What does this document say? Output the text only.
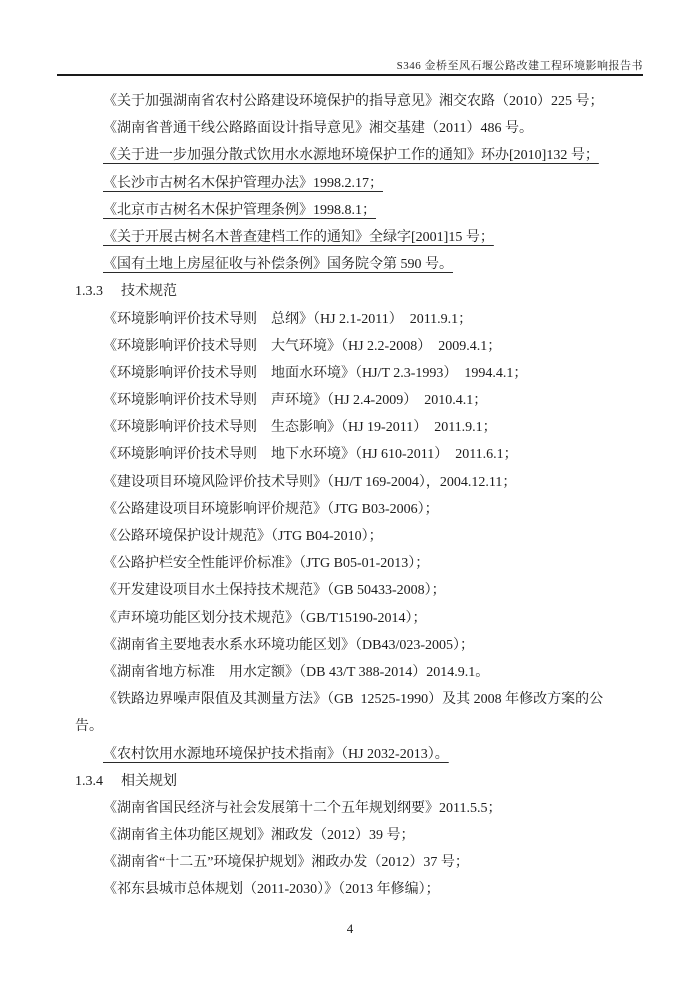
S346 金桥至风石堰公路改建工程环境影响报告书
《关于加强湖南省农村公路建设环境保护的指导意见》湘交农路（2010）225 号；
《湖南省普通干线公路路面设计指导意见》湘交基建（2011）486 号。
《关于进一步加强分散式饮用水水源地环境保护工作的通知》环办[2010]132 号；
《长沙市古树名木保护管理办法》1998.2.17；
《北京市古树名木保护管理条例》1998.8.1；
《关于开展古树名木普查建档工作的通知》全绿字[2001]15 号；
《国有土地上房屋征收与补偿条例》国务院令第 590 号。
1.3.3 技术规范
《环境影响评价技术导则　总纲》（HJ 2.1-2011）　2011.9.1；
《环境影响评价技术导则　大气环境》（HJ 2.2-2008）　2009.4.1；
《环境影响评价技术导则　地面水环境》（HJ/T 2.3-1993）　1994.4.1；
《环境影响评价技术导则　声环境》（HJ 2.4-2009）　2010.4.1；
《环境影响评价技术导则　生态影响》（HJ 19-2011）　2011.9.1；
《环境影响评价技术导则　地下水环境》（HJ 610-2011）　2011.6.1；
《建设项目环境风险评价技术导则》（HJ/T 169-2004），2004.12.11；
《公路建设项目环境影响评价规范》（JTG B03-2006）；
《公路环境保护设计规范》（JTG B04-2010）；
《公路护栏安全性能评价标准》（JTG B05-01-2013）；
《开发建设项目水土保持技术规范》（GB 50433-2008）；
《声环境功能区划分技术规范》（GB/T15190-2014）；
《湖南省主要地表水系水环境功能区划》（DB43/023-2005）；
《湖南省地方标准　用水定额》（DB 43/T 388-2014）2014.9.1。
《铁路边界噪声限值及其测量方法》（GB  12525-1990）及其 2008 年修改方案的公
告。
《农村饮用水源地环境保护技术指南》（HJ 2032-2013）。
1.3.4 相关规划
《湖南省国民经济与社会发展第十二个五年规划纲要》2011.5.5；
《湖南省主体功能区规划》湘政发（2012）39 号；
《湖南省“十二五”环境保护规划》湘政办发（2012）37 号；
《祁东县城市总体规划（2011-2030）》（2013 年修编）；
4
